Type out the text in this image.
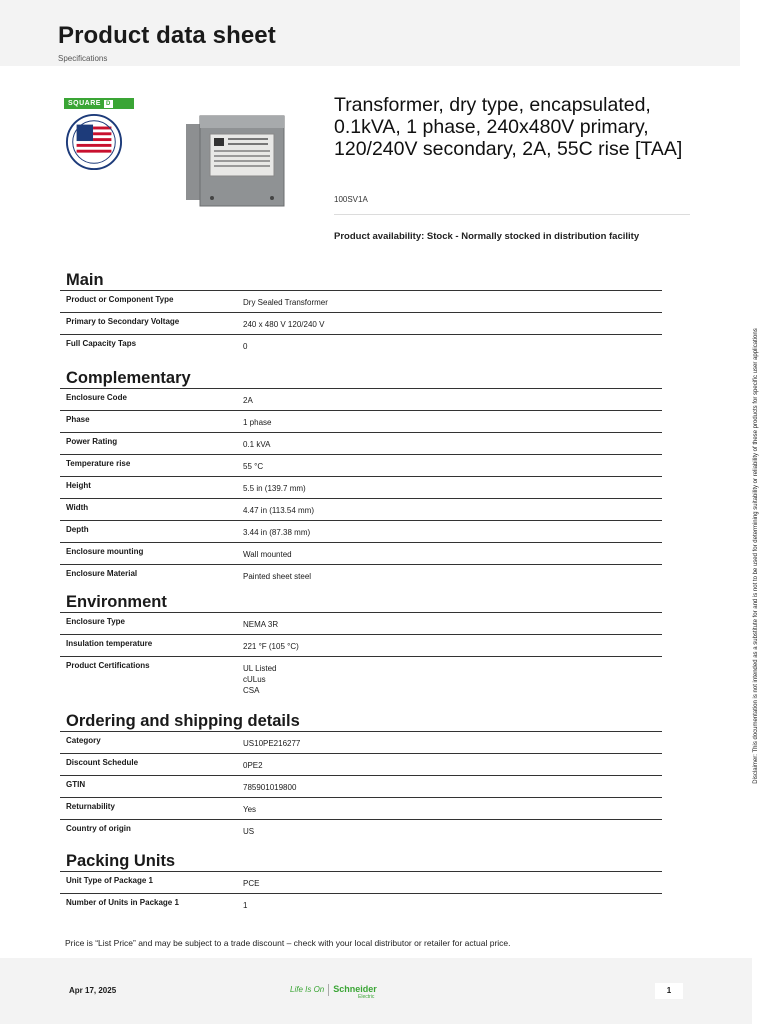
Product data sheet
Specifications
SQUARE D	Transformer, dry type, encapsulated, 0.1kVA, 1 phase, 240x480V primary, 120/240V secondary, 2A, 55C rise [TAA]
100SV1A
Product availability: Stock - Normally stocked in distribution facility
Main
Product or Component Type	Dry Sealed Transformer
Primary to Secondary Voltage	240 x 480 V 120/240 V
Full Capacity Taps	0
Complementary
Enclosure Code	2A
Phase	1 phase
Power Rating	0.1 kVA
Temperature rise	55 °C
Height	5.5 in (139.7 mm)
Width	4.47 in (113.54 mm)
Depth	3.44 in (87.38 mm)
Enclosure mounting	Wall mounted
Enclosure Material	Painted sheet steel
Environment
Enclosure Type	NEMA 3R
Insulation temperature	221 °F (105 °C)
Product Certifications	UL Listed
cULus
CSA
Ordering and shipping details
Category	US10PE216277
Discount Schedule	0PE2
GTIN	785901019800
Returnability	Yes
Country of origin	US
Packing Units
Unit Type of Package 1	PCE
Number of Units in Package 1	1
Price is “List Price” and may be subject to a trade discount – check with your local distributor or retailer for actual price.
Apr 17, 2025	Life Is On Schneider
Electric
1
Disclaimer: This documentation is not intended as a substitute for and is not to be used for determining suitability or reliability of these products for specific user applications
